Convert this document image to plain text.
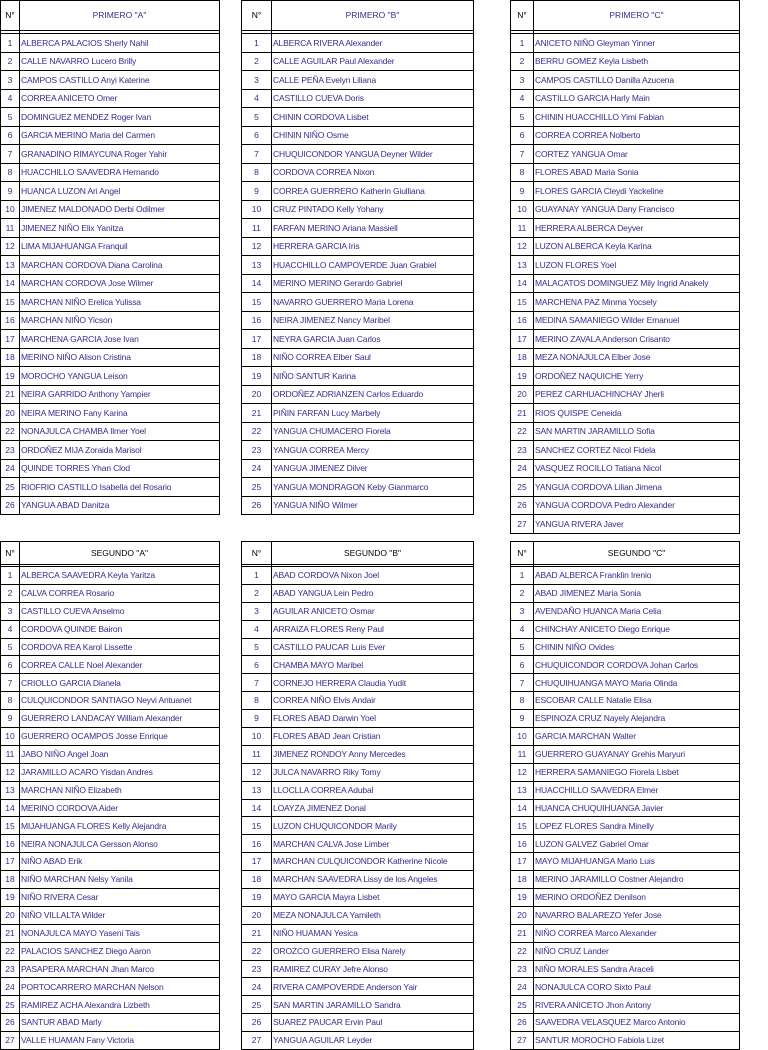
N°	PRIMERO "A"

1	ALBERCA PALACIOS Sherly Nahil
2	CALLE NAVARRO Lucero Brilly
3	CAMPOS CASTILLO Anyi Katerine
4	CORREA ANICETO Omer
5	DOMINGUEZ MENDEZ Roger Ivan
6	GARCIA MERINO Maria del Carmen
7	GRANADINO RIMAYCUNA Roger Yahir
8	HUACCHILLO SAAVEDRA Hernando
9	HUANCA LUZON Ari Angel
10	JIMENEZ MALDONADO Derbi Odilmer
11	JIMENEZ NIÑO Elix Yanitza
12	LIMA MIJAHUANGA Franquil
13	MARCHAN CORDOVA Diana Carolina
14	MARCHAN CORDOVA Jose Wilmer
15	MARCHAN NIÑO Erelica Yulissa
16	MARCHAN NIÑO Yicson
17	MARCHENA GARCIA Jose Ivan
18	MERINO NIÑO Alison Cristina
19	MOROCHO YANGUA Leison
21	NEIRA GARRIDO Anthony Yampier
20	NEIRA MERINO Fany Karina
22	NONAJULCA CHAMBA Ilmer Yoel
23	ORDOÑEZ MIJA Zoraida Marisol
24	QUINDE TORRES Yhan Clod
25	RIOFRIO CASTILLO Isabella del Rosario
26	YANGUA ABAD Danitza
N°	PRIMERO "B"

1	ALBERCA RIVERA Alexander
2	CALLE AGUILAR Paul Alexander
3	CALLE PEÑA Evelyn Liliana
4	CASTILLO CUEVA Doris
5	CHININ CORDOVA Lisbet
6	CHININ NIÑO Osme
7	CHUQUICONDOR YANGUA Deyner Wilder
8	CORDOVA CORREA Nixon
9	CORREA GUERRERO Katherin Giulliana
10	CRUZ PINTADO Kelly Yohany
11	FARFAN MERINO Ariana Massiell
12	HERRERA GARCIA Iris
13	HUACCHILLO CAMPOVERDE Juan Grabiel
14	MERINO MERINO Gerardo Gabriel
15	NAVARRO GUERRERO Maria Lorena
16	NEIRA JIMENEZ Nancy Maribel
17	NEYRA GARCIA Juan Carlos
18	NIÑO CORREA Elber Saul
19	NIÑO SANTUR Karina
20	ORDOÑEZ ADRIANZEN Carlos Eduardo
21	PIÑIN FARFAN Lucy Marbely
22	YANGUA CHUMACERO Fiorela
23	YANGUA CORREA Mercy
24	YANGUA JIMENEZ Dilver
25	YANGUA MONDRAGON Keby Gianmarco
26	YANGUA NIÑO Wilmer
N°	PRIMERO "C"

1	ANICETO NIÑO Gleyman Yinner
2	BERRU GOMEZ Keyla Lisbeth
3	CAMPOS CASTILLO Danilla Azucena
4	CASTILLO GARCIA Harly Main
5	CHININ HUACCHILLO Yimi Fabian
6	CORREA CORREA Nolberto
7	CORTEZ YANGUA Omar
8	FLORES ABAD Maria Sonia
9	FLORES GARCIA Cleydi Yackeline
10	GUAYANAY YANGUA Dany Francisco
11	HERRERA ALBERCA Deyver
12	LUZON ALBERCA Keyla Karina
13	LUZON FLORES Yoel
14	MALACATOS DOMINGUEZ Mily Ingrid Anakely
15	MARCHENA PAZ Minma Yocsely
16	MEDINA SAMANIEGO Wilder Emanuel
17	MERINO ZAVALA Anderson Crisanto
18	MEZA NONAJULCA Elber Jose
19	ORDOÑEZ NAQUICHE Yerry
20	PEREZ CARHUACHINCHAY Jherli
21	RIOS QUISPE Ceneida
22	SAN MARTIN JARAMILLO Sofia
23	SANCHEZ CORTEZ Nicol Fidela
24	VASQUEZ ROCILLO Tatiana Nicol
25	YANGUA CORDOVA Lilian Jimena
26	YANGUA CORDOVA Pedro Alexander
27	YANGUA RIVERA Javer
N°	SEGUNDO "A"

1	ALBERCA SAAVEDRA Keyla Yaritza
2	CALVA CORREA Rosario
3	CASTILLO CUEVA Anselmo
4	CORDOVA QUINDE Bairon
5	CORDOVA REA Karol Lissette
6	CORREA CALLE Noel Alexander
7	CRIOLLO GARCIA Dianela
8	CULQUICONDOR SANTIAGO Neyvi Antuanet
9	GUERRERO LANDACAY William Alexander
10	GUERRERO OCAMPOS Josse Enrique
11	JABO NIÑO Angel Joan
12	JARAMILLO ACARO Yisdan Andres
13	MARCHAN NIÑO Elizabeth
14	MERINO CORDOVA Aider
15	MIJAHUANGA FLORES Kelly Alejandra
16	NEIRA NONAJULCA Gersson Alonso
17	NIÑO ABAD Erik
18	NIÑO MARCHAN Nelsy Yanila
19	NIÑO RIVERA Cesar
20	NIÑO VILLALTA Wilder
21	NONAJULCA MAYO Yaseni Tais
22	PALACIOS SANCHEZ Diego Aaron
23	PASAPERA MARCHAN Jhan Marco
24	PORTOCARRERO MARCHAN Nelson
25	RAMIREZ ACHA Alexandra Lizbeth
26	SANTUR ABAD Marly
27	VALLE HUAMAN Fany Victoria
N°	SEGUNDO "B"

1	ABAD CORDOVA Nixon Joel
2	ABAD YANGUA Lein Pedro
3	AGUILAR ANICETO Osmar
4	ARRAIZA FLORES Reny Paul
5	CASTILLO PAUCAR Luis Ever
6	CHAMBA MAYO Maribel
7	CORNEJO HERRERA Claudia Yudit
8	CORREA NIÑO Elvis Andair
9	FLORES ABAD Darwin Yoel
10	FLORES ABAD Jean Cristian
11	JIMENEZ RONDOY Anny Mercedes
12	JULCA NAVARRO Riky Tomy
13	LLOCLLA CORREA Adubal
14	LOAYZA JIMENEZ Donal
15	LUZON CHUQUICONDOR Marily
16	MARCHAN CALVA Jose Limber
17	MARCHAN CULQUICONDOR Katherine Nicole
18	MARCHAN SAAVEDRA Lissy de los Angeles
19	MAYO GARCIA Mayra Lisbet
20	MEZA NONAJULCA Yamileth
21	NIÑO HUAMAN Yesica
22	OROZCO GUERRERO Elisa Narely
23	RAMIREZ CURAY Jefre Alonso
24	RIVERA CAMPOVERDE Anderson Yair
25	SAN MARTIN JARAMILLO Sandra
26	SUAREZ PAUCAR Ervin Paul
27	YANGUA AGUILAR Leyder
N°	SEGUNDO "C"

1	ABAD ALBERCA Franklin Irenio
2	ABAD JIMENEZ Maria Sonia
3	AVENDAÑO HUANCA Maria Celia
4	CHINCHAY ANICETO Diego Enrique
5	CHININ NIÑO Ovides
6	CHUQUICONDOR CORDOVA Johan Carlos
7	CHUQUIHUANGA MAYO Maria Olinda
8	ESCOBAR CALLE Natalie Elisa
9	ESPINOZA CRUZ Nayely Alejandra
10	GARCIA MARCHAN Walter
11	GUERRERO GUAYANAY Grehis Maryuri
12	HERRERA SAMANIEGO Fiorela Lisbet
13	HUACCHILLO SAAVEDRA Elmer
14	HUANCA CHUQUIHUANGA Javier
15	LOPEZ FLORES Sandra Minelly
16	LUZON GALVEZ Gabriel Omar
17	MAYO MIJAHUANGA Mario Luis
18	MERINO JARAMILLO Costner Alejandro
19	MERINO ORDOÑEZ Denilson
20	NAVARRO BALAREZO Yefer Jose
21	NIÑO CORREA Marco Alexander
22	NIÑO CRUZ Lander
23	NIÑO MORALES Sandra Araceli
24	NONAJULCA CORO Sixto Paul
25	RIVERA ANICETO Jhon Antony
26	SAAVEDRA VELASQUEZ Marco Antonio
27	SANTUR MOROCHO Fabiola Lizet
